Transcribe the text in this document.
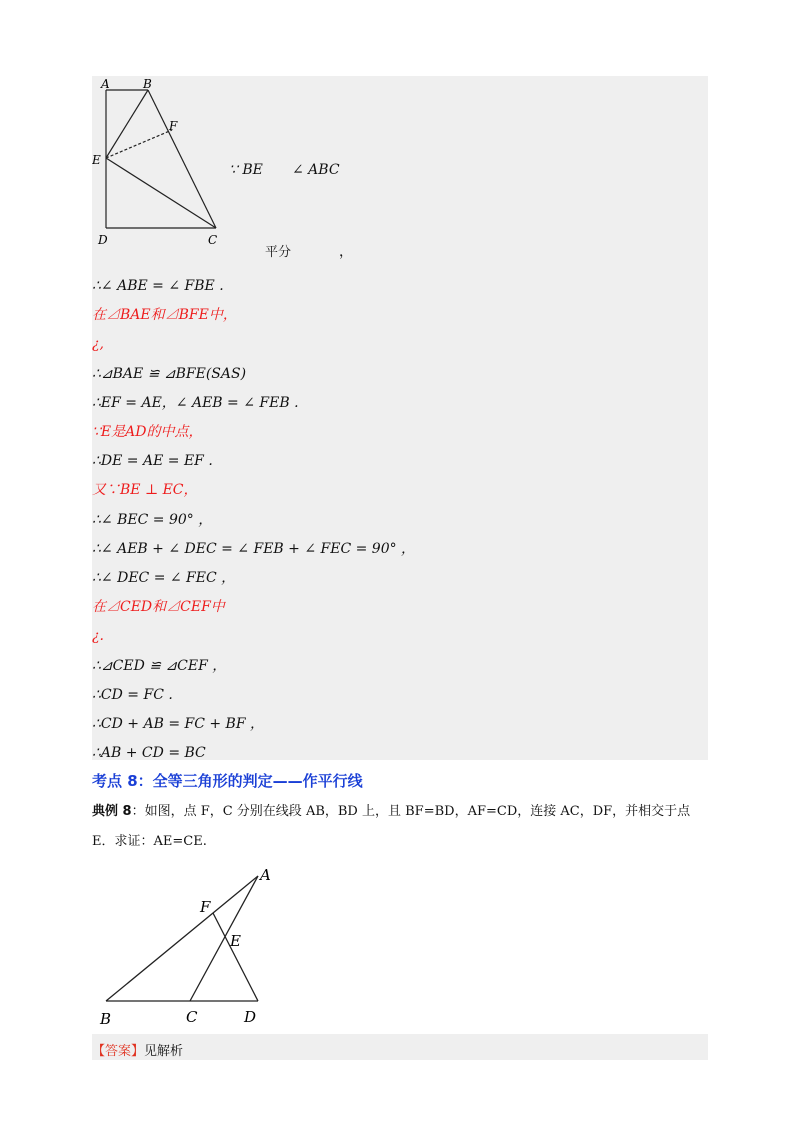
A	B
F
E
D	C
∵ BE ∠ ABC
平分	，
∴∠ ABE = ∠ FBE .
在⊿BAE和⊿BFE中，
¿,
∴⊿BAE ≌ ⊿BFE(SAS)
∴EF = AE，∠ AEB = ∠ FEB .
∵E是AD的中点，
∴DE = AE = EF .
又∵BE ⊥ EC，
∴∠ BEC = 90° ，
∴∠ AEB + ∠ DEC = ∠ FEB + ∠ FEC = 90° ，
∴∠ DEC = ∠ FEC ，
在⊿CED和⊿CEF中
¿.
∴⊿CED ≌ ⊿CEF ，
∴CD = FC .
∴CD + AB = FC + BF ，
∴AB + CD = BC
考点 8：全等三角形的判定——作平行线
典例 8：如图，点 F，C 分别在线段 AB，BD 上，且 BF=BD，AF=CD，连接 AC，DF，并相交于点
E．求证：AE=CE.
A
F
E
B	C	D
【答案】见解析
